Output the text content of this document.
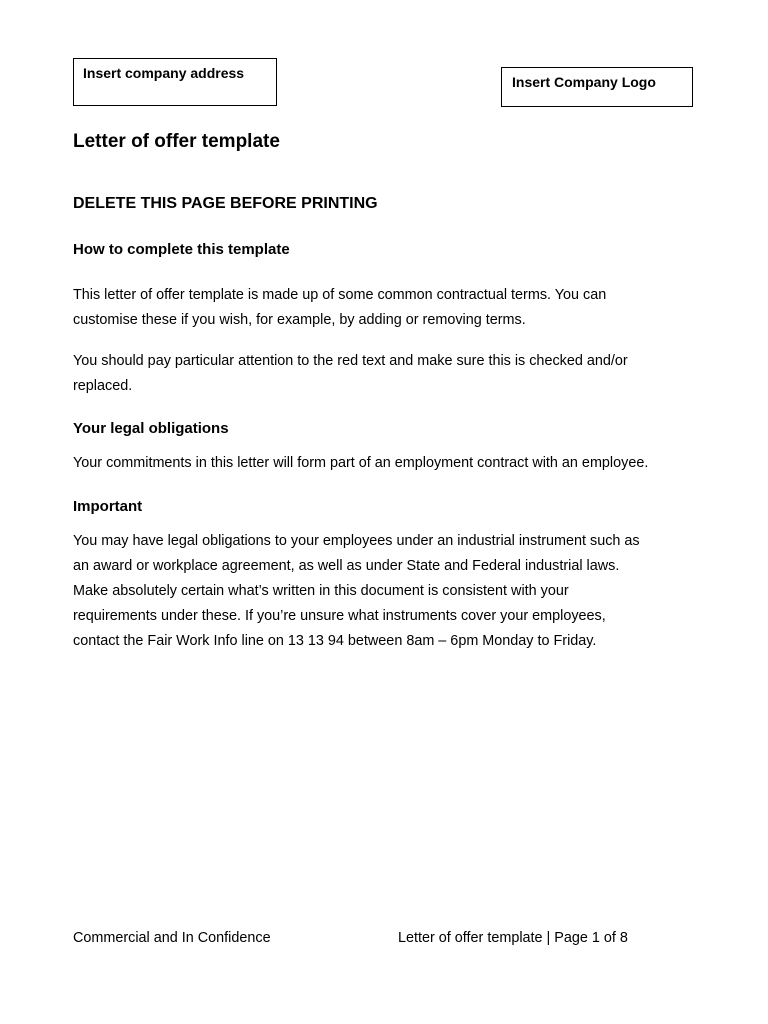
Insert company address
Insert Company Logo
Letter of offer template
DELETE THIS PAGE BEFORE PRINTING
How to complete this template

This letter of offer template is made up of some common contractual terms. You can
customise these if you wish, for example, by adding or removing terms.

You should pay particular attention to the red text and make sure this is checked and/or
replaced.

Your legal obligations

Your commitments in this letter will form part of an employment contract with an employee.

Important

You may have legal obligations to your employees under an industrial instrument such as
an award or workplace agreement, as well as under State and Federal industrial laws.
Make absolutely certain what’s written in this document is consistent with your
requirements under these. If you’re unsure what instruments cover your employees,
contact the Fair Work Info line on 13 13 94 between 8am – 6pm Monday to Friday.

Commercial and In Confidence	Letter of offer template | Page 1 of 8
